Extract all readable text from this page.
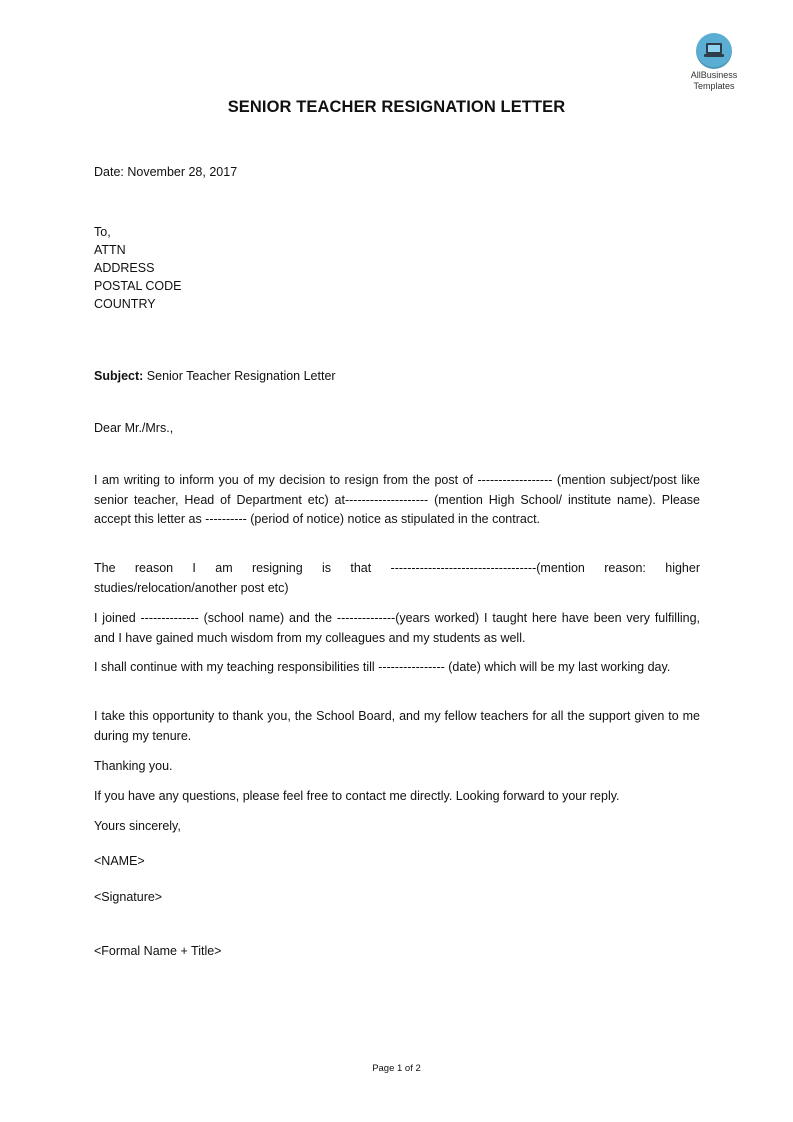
AllBusiness
Templates
SENIOR TEACHER RESIGNATION LETTER
Date: November 28, 2017
To,
ATTN
ADDRESS
POSTAL CODE
COUNTRY
Subject: Senior Teacher Resignation Letter
Dear Mr./Mrs.,

I am writing to inform you of my decision to resign from the post of ------------------ (mention subject/post like senior teacher, Head of Department etc) at-------------------- (mention High School/ institute name). Please accept this letter as ---------- (period of notice) notice as stipulated in the contract.

The reason I am resigning is that -----------------------------------(mention reason: higher studies/relocation/another post etc)

I joined -------------- (school name) and the --------------(years worked) I taught here have been very fulfilling, and I have gained much wisdom from my colleagues and my students as well.

I shall continue with my teaching responsibilities till ---------------- (date) which will be my last working day.

I take this opportunity to thank you, the School Board, and my fellow teachers for all the support given to me during my tenure.

Thanking you.

If you have any questions, please feel free to contact me directly. Looking forward to your reply.

Yours sincerely,

<NAME>
<Signature>
<Formal Name + Title>
Page 1 of 2
